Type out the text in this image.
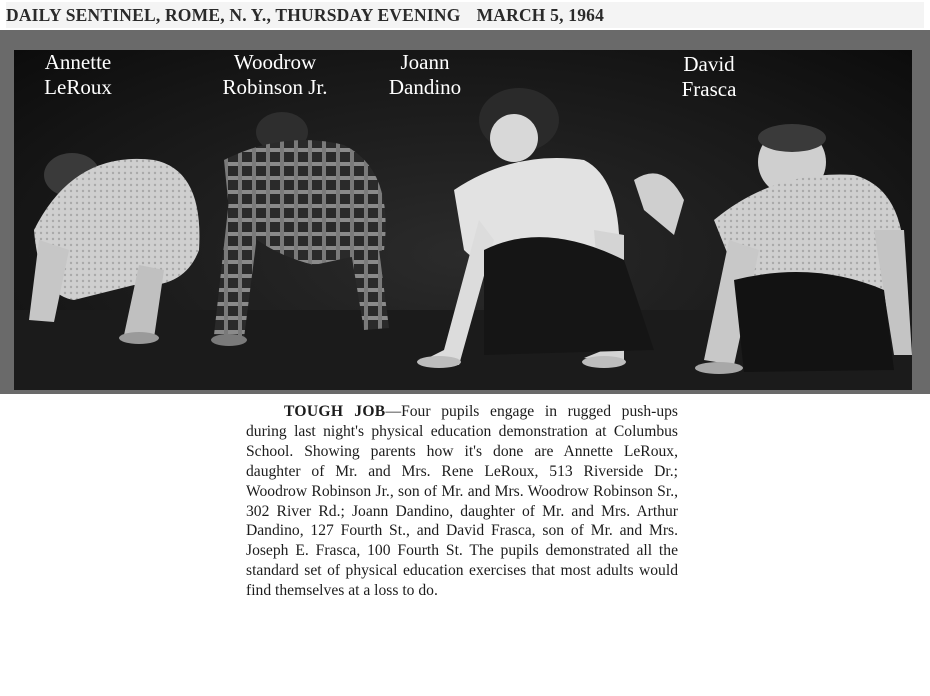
DAILY SENTINEL, ROME, N. Y., THURSDAY EVENING MARCH 5, 1964
Annette
LeRoux
Woodrow
Robinson Jr.
Joann
Dandino
David
Frasca
TOUGH JOB—Four pupils engage in rugged push-ups during last night's physical education demonstration at Columbus School. Showing parents how it's done are Annette LeRoux, daughter of Mr. and Mrs. Rene LeRoux, 513 Riverside Dr.; Woodrow Robinson Jr., son of Mr. and Mrs. Woodrow Robinson Sr., 302 River Rd.; Joann Dandino, daughter of Mr. and Mrs. Arthur Dandino, 127 Fourth St., and David Frasca, son of Mr. and Mrs. Joseph E. Frasca, 100 Fourth St. The pupils demonstrated all the standard set of physical education exercises that most adults would find themselves at a loss to do.
